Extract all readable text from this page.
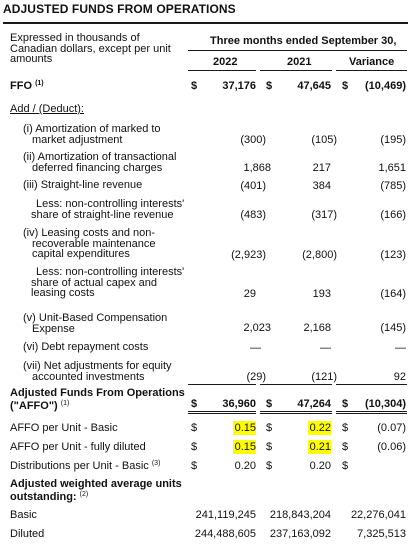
ADJUSTED FUNDS FROM OPERATIONS
Expressed in thousands of
Canadian dollars, except per unit
amounts
Three months ended September 30,
2022	2021	Variance
FFO $^{(1)}$	$ 37,176 $ 47,645 $ (10,469)
Add / (Deduct):
(i) Amortization of marked to
market adjustment	(300)	(105)	(195)
(ii) Amortization of transactional
deferred financing charges	1,868	217	1,651
(iii) Straight-line revenue	(401)	384	(785)
Less: non-controlling interests'
share of straight-line revenue	(483)	(317)	(166)
(iv) Leasing costs and non-
recoverable maintenance
capital expenditures	(2,923)	(2,800)	(123)
Less: non-controlling interests'
share of actual capex and
leasing costs	29	193	(164)
(v) Unit-Based Compensation
Expense	2,023	2,168	(145)
(vi) Debt repayment costs	—	—	—
(vii) Net adjustments for equity
accounted investments	(29)	(121)	92
Adjusted Funds From Operations
("AFFO") $^{(1)}$	$ 36,960 $ 47,264 $ (10,304)
AFFO per Unit - Basic	$	0.15 $	0.22 $	(0.07)
AFFO per Unit - fully diluted	$	0.15 $	0.21 $	(0.06)
Distributions per Unit - Basic $^{(3)}$	$	0.20 $	0.20 $
Adjusted weighted average units
outstanding: $^{(2)}$
Basic	241,119,245 218,843,204 22,276,041
Diluted	244,488,605 237,163,092 7,325,513
